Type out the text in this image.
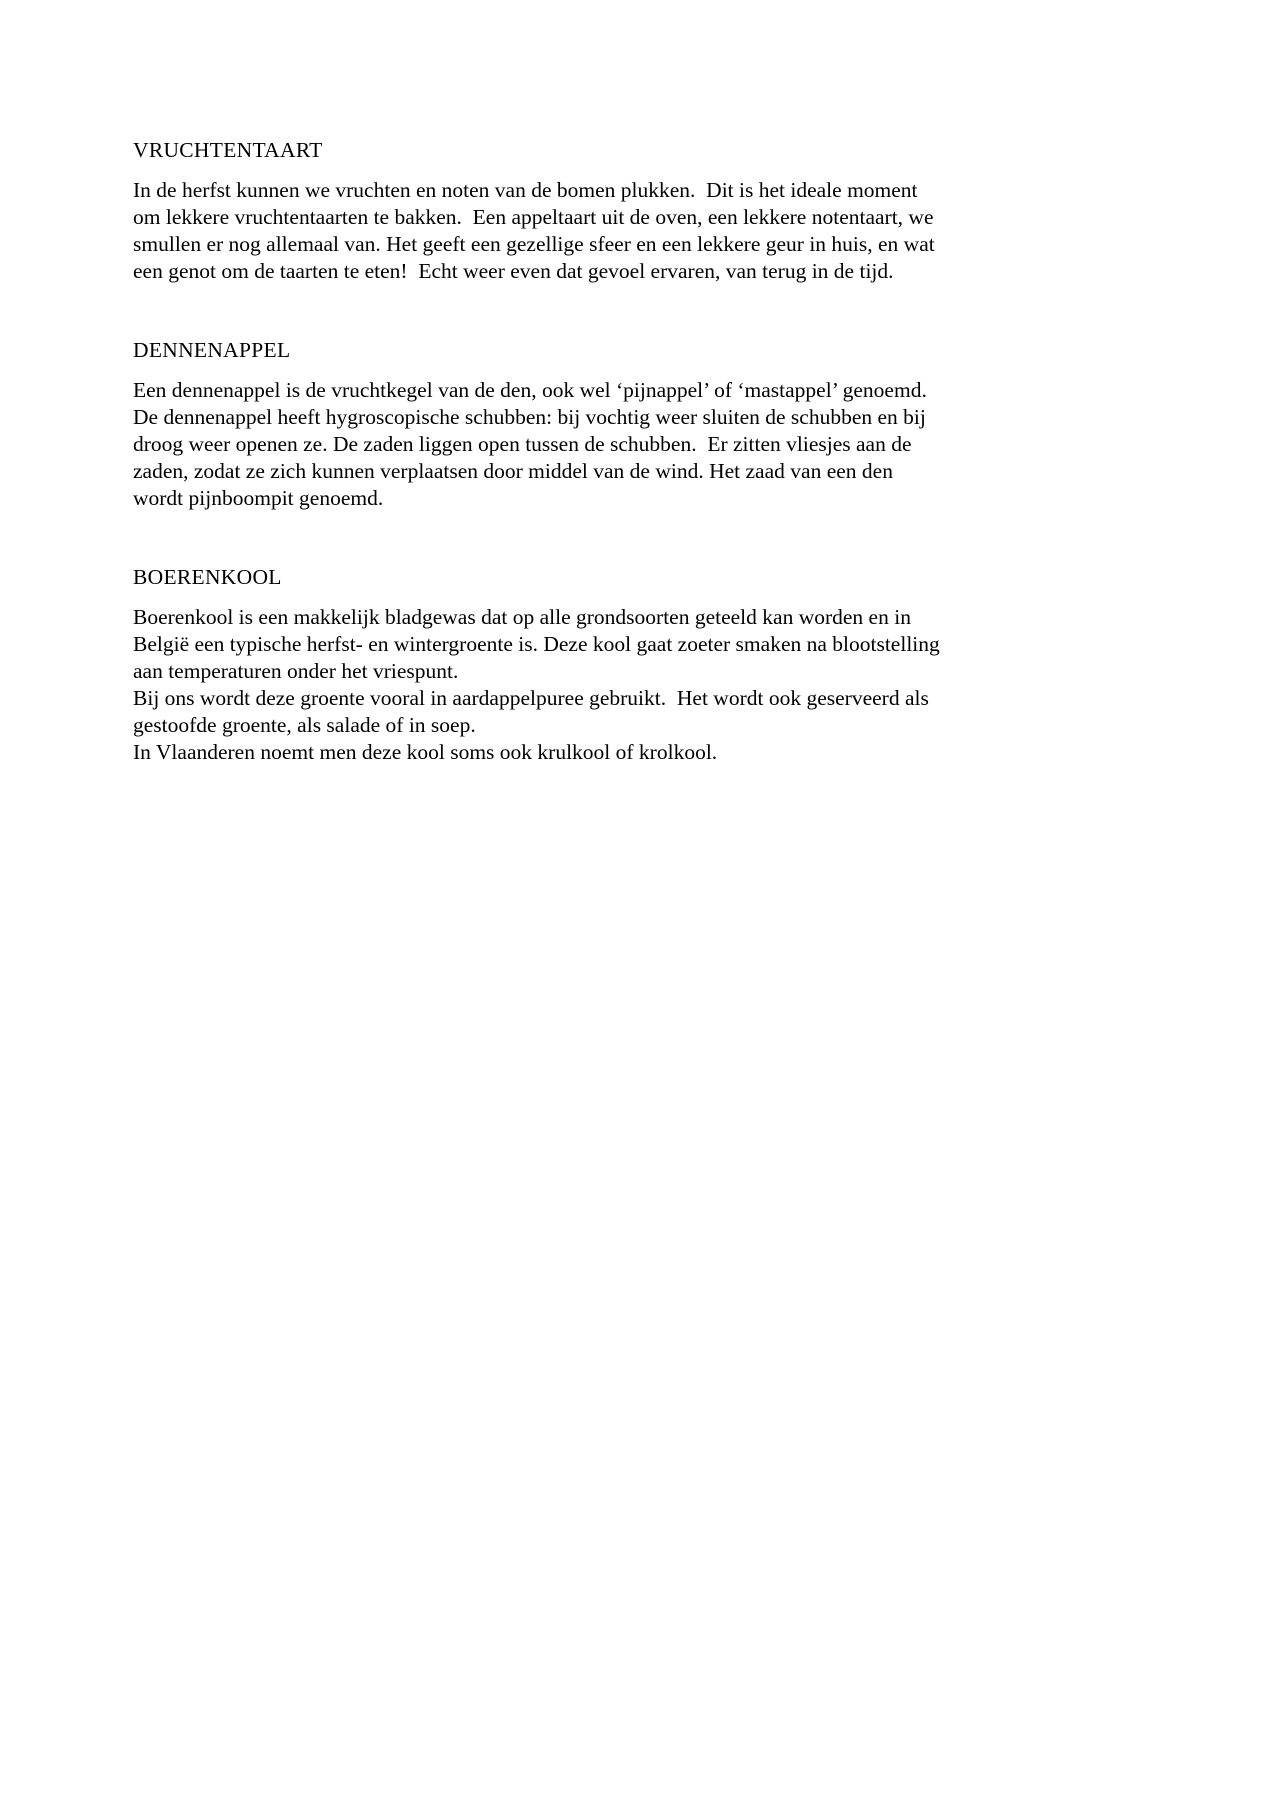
VRUCHTENTAART

In de herfst kunnen we vruchten en noten van de bomen plukken.  Dit is het ideale moment
om lekkere vruchtentaarten te bakken.  Een appeltaart uit de oven, een lekkere notentaart, we
smullen er nog allemaal van. Het geeft een gezellige sfeer en een lekkere geur in huis, en wat
een genot om de taarten te eten!  Echt weer even dat gevoel ervaren, van terug in de tijd.

DENNENAPPEL

Een dennenappel is de vruchtkegel van de den, ook wel ‘pijnappel’ of ‘mastappel’ genoemd.
De dennenappel heeft hygroscopische schubben: bij vochtig weer sluiten de schubben en bij
droog weer openen ze. De zaden liggen open tussen de schubben.  Er zitten vliesjes aan de
zaden, zodat ze zich kunnen verplaatsen door middel van de wind. Het zaad van een den
wordt pijnboompit genoemd.

BOERENKOOL

Boerenkool is een makkelijk bladgewas dat op alle grondsoorten geteeld kan worden en in
België een typische herfst- en wintergroente is. Deze kool gaat zoeter smaken na blootstelling
aan temperaturen onder het vriespunt.

Bij ons wordt deze groente vooral in aardappelpuree gebruikt.  Het wordt ook geserveerd als
gestoofde groente, als salade of in soep.

In Vlaanderen noemt men deze kool soms ook krulkool of krolkool.
